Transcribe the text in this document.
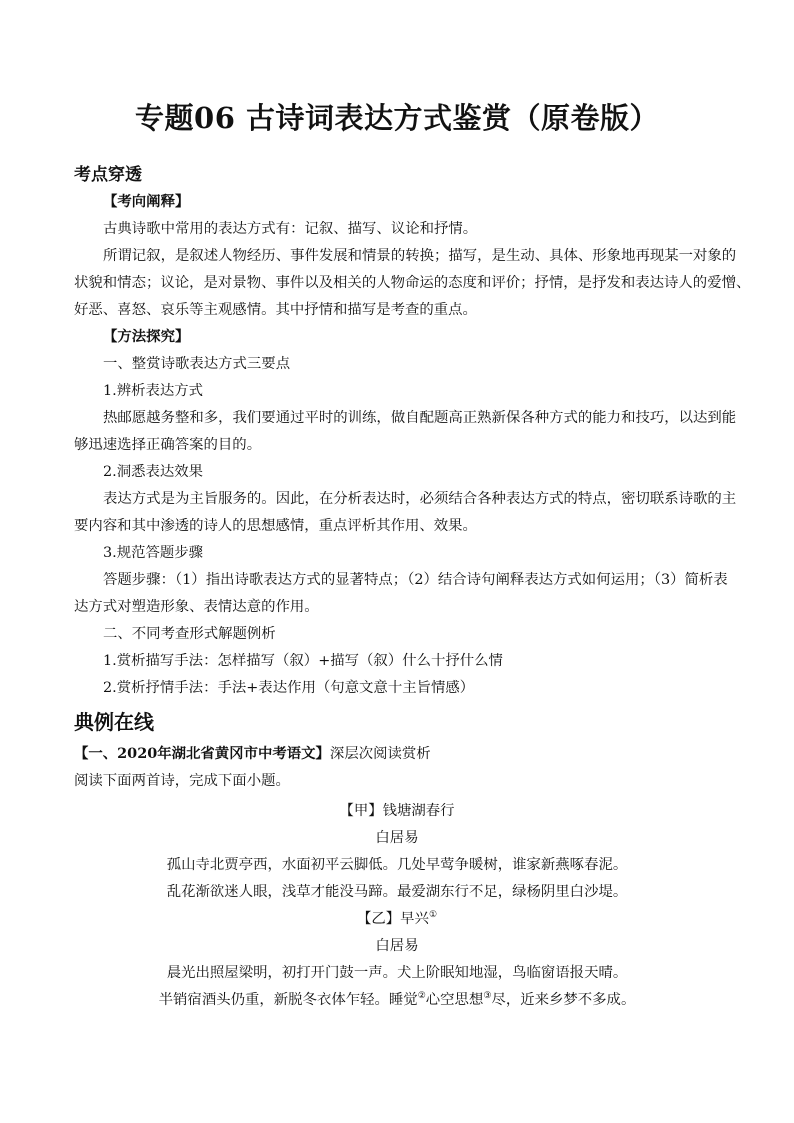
专题06 古诗词表达方式鉴赏（原卷版）
考点穿透
【考向阐释】
古典诗歌中常用的表达方式有：记叙、描写、议论和抒情。
所谓记叙，是叙述人物经历、事件发展和情景的转换；描写，是生动、具体、形象地再现某一对象的
状貌和情态；议论，是对景物、事件以及相关的人物命运的态度和评价；抒情，是抒发和表达诗人的爱憎、
好恶、喜怒、哀乐等主观感情。其中抒情和描写是考查的重点。
【方法探究】
一、整赏诗歌表达方式三要点
1.辨析表达方式
热邮愿越务整和多，我们要通过平时的训练，做自配题高正熟新保各种方式的能力和技巧，以达到能
够迅速选择正确答案的目的。
2.洞悉表达效果
表达方式是为主旨服务的。因此，在分析表达时，必须结合各种表达方式的特点，密切联系诗歌的主
要内容和其中渗透的诗人的思想感情，重点评析其作用、效果。
3.规范答题步骤
答题步骤：（1）指出诗歌表达方式的显著特点；（2）结合诗句阐释表达方式如何运用；（3）简析表
达方式对塑造形象、表情达意的作用。
二、不同考查形式解题例析
1.赏析描写手法：怎样描写（叙）+描写（叙）什么十抒什么情
2.赏析抒情手法：手法+表达作用（句意文意十主旨情感）
典例在线
【一、2020年湖北省黄冈市中考语文】深层次阅读赏析
阅读下面两首诗，完成下面小题。
【甲】钱塘湖春行
白居易
孤山寺北贾亭西，水面初平云脚低。几处早莺争暖树，谁家新燕啄春泥。
乱花渐欲迷人眼，浅草才能没马蹄。最爱湖东行不足，绿杨阴里白沙堤。
【乙】早兴①
白居易
晨光出照屋梁明，初打开门鼓一声。犬上阶眠知地湿，鸟临窗语报天晴。
半销宿酒头仍重，新脱冬衣体乍轻。睡觉②心空思想③尽，近来乡梦不多成。
